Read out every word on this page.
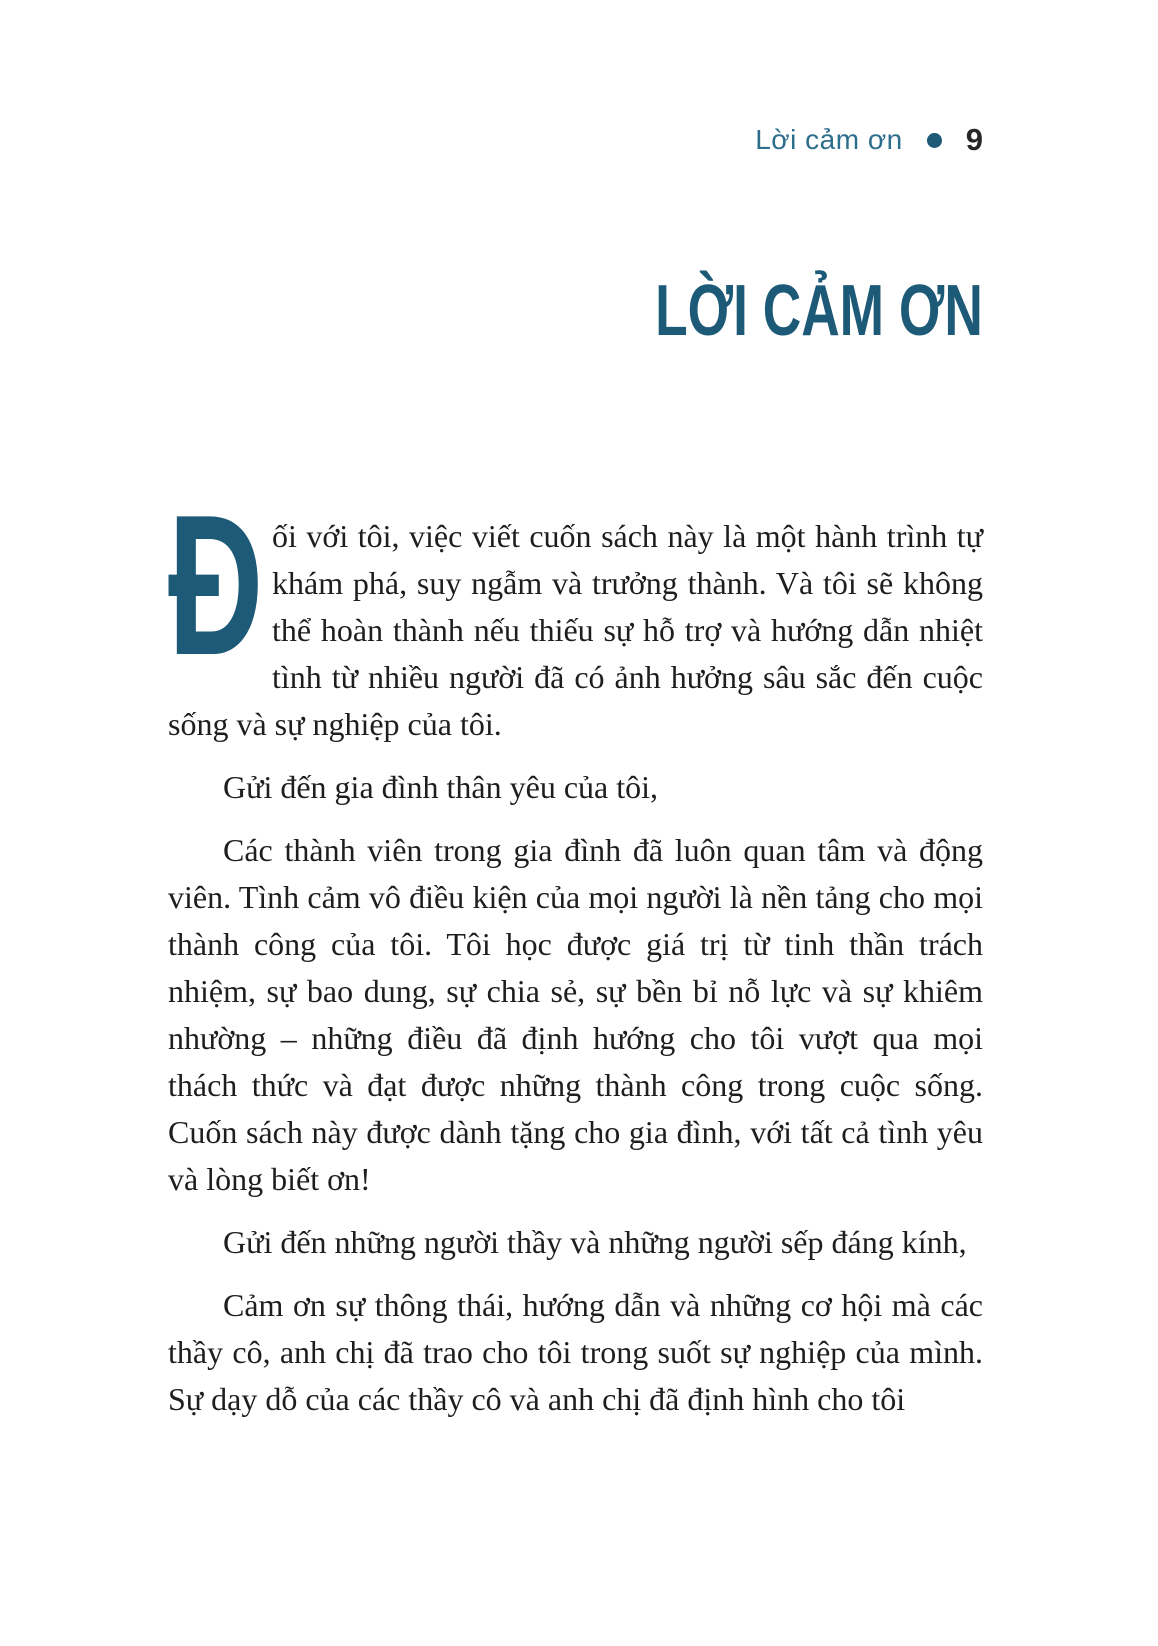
Lời cảm ơn 9
LỜI CẢM ƠN

Đối với tôi, việc viết cuốn sách này là một hành trình tự khám phá, suy ngẫm và trưởng thành. Và tôi sẽ không thể hoàn thành nếu thiếu sự hỗ trợ và hướng dẫn nhiệt tình từ nhiều người đã có ảnh hưởng sâu sắc đến cuộc sống và sự nghiệp của tôi.

Gửi đến gia đình thân yêu của tôi,

Các thành viên trong gia đình đã luôn quan tâm và động viên. Tình cảm vô điều kiện của mọi người là nền tảng cho mọi thành công của tôi. Tôi học được giá trị từ tinh thần trách nhiệm, sự bao dung, sự chia sẻ, sự bền bỉ nỗ lực và sự khiêm nhường – những điều đã định hướng cho tôi vượt qua mọi thách thức và đạt được những thành công trong cuộc sống. Cuốn sách này được dành tặng cho gia đình, với tất cả tình yêu và lòng biết ơn!

Gửi đến những người thầy và những người sếp đáng kính,

Cảm ơn sự thông thái, hướng dẫn và những cơ hội mà các thầy cô, anh chị đã trao cho tôi trong suốt sự nghiệp của mình. Sự dạy dỗ của các thầy cô và anh chị đã định hình cho tôi
